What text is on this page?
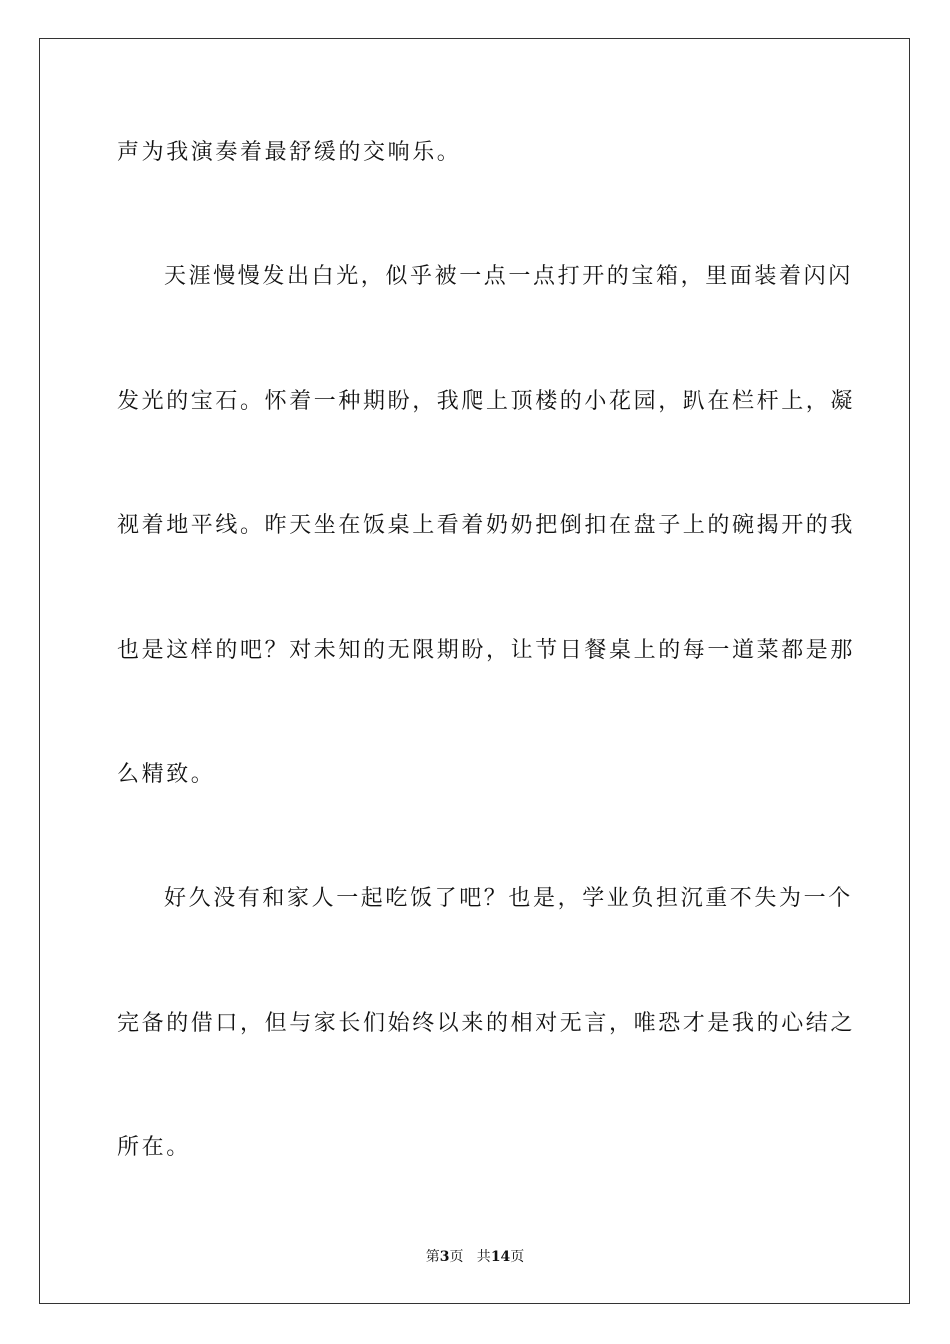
声为我演奏着最舒缓的交响乐。
天涯慢慢发出白光，似乎被一点一点打开的宝箱，里面装着闪闪
发光的宝石。怀着一种期盼，我爬上顶楼的小花园，趴在栏杆上，凝
视着地平线。昨天坐在饭桌上看着奶奶把倒扣在盘子上的碗揭开的我
也是这样的吧？对未知的无限期盼，让节日餐桌上的每一道菜都是那
么精致。
好久没有和家人一起吃饭了吧？也是，学业负担沉重不失为一个
完备的借口，但与家长们始终以来的相对无言，唯恐才是我的心结之
所在。
第3页   共14页
